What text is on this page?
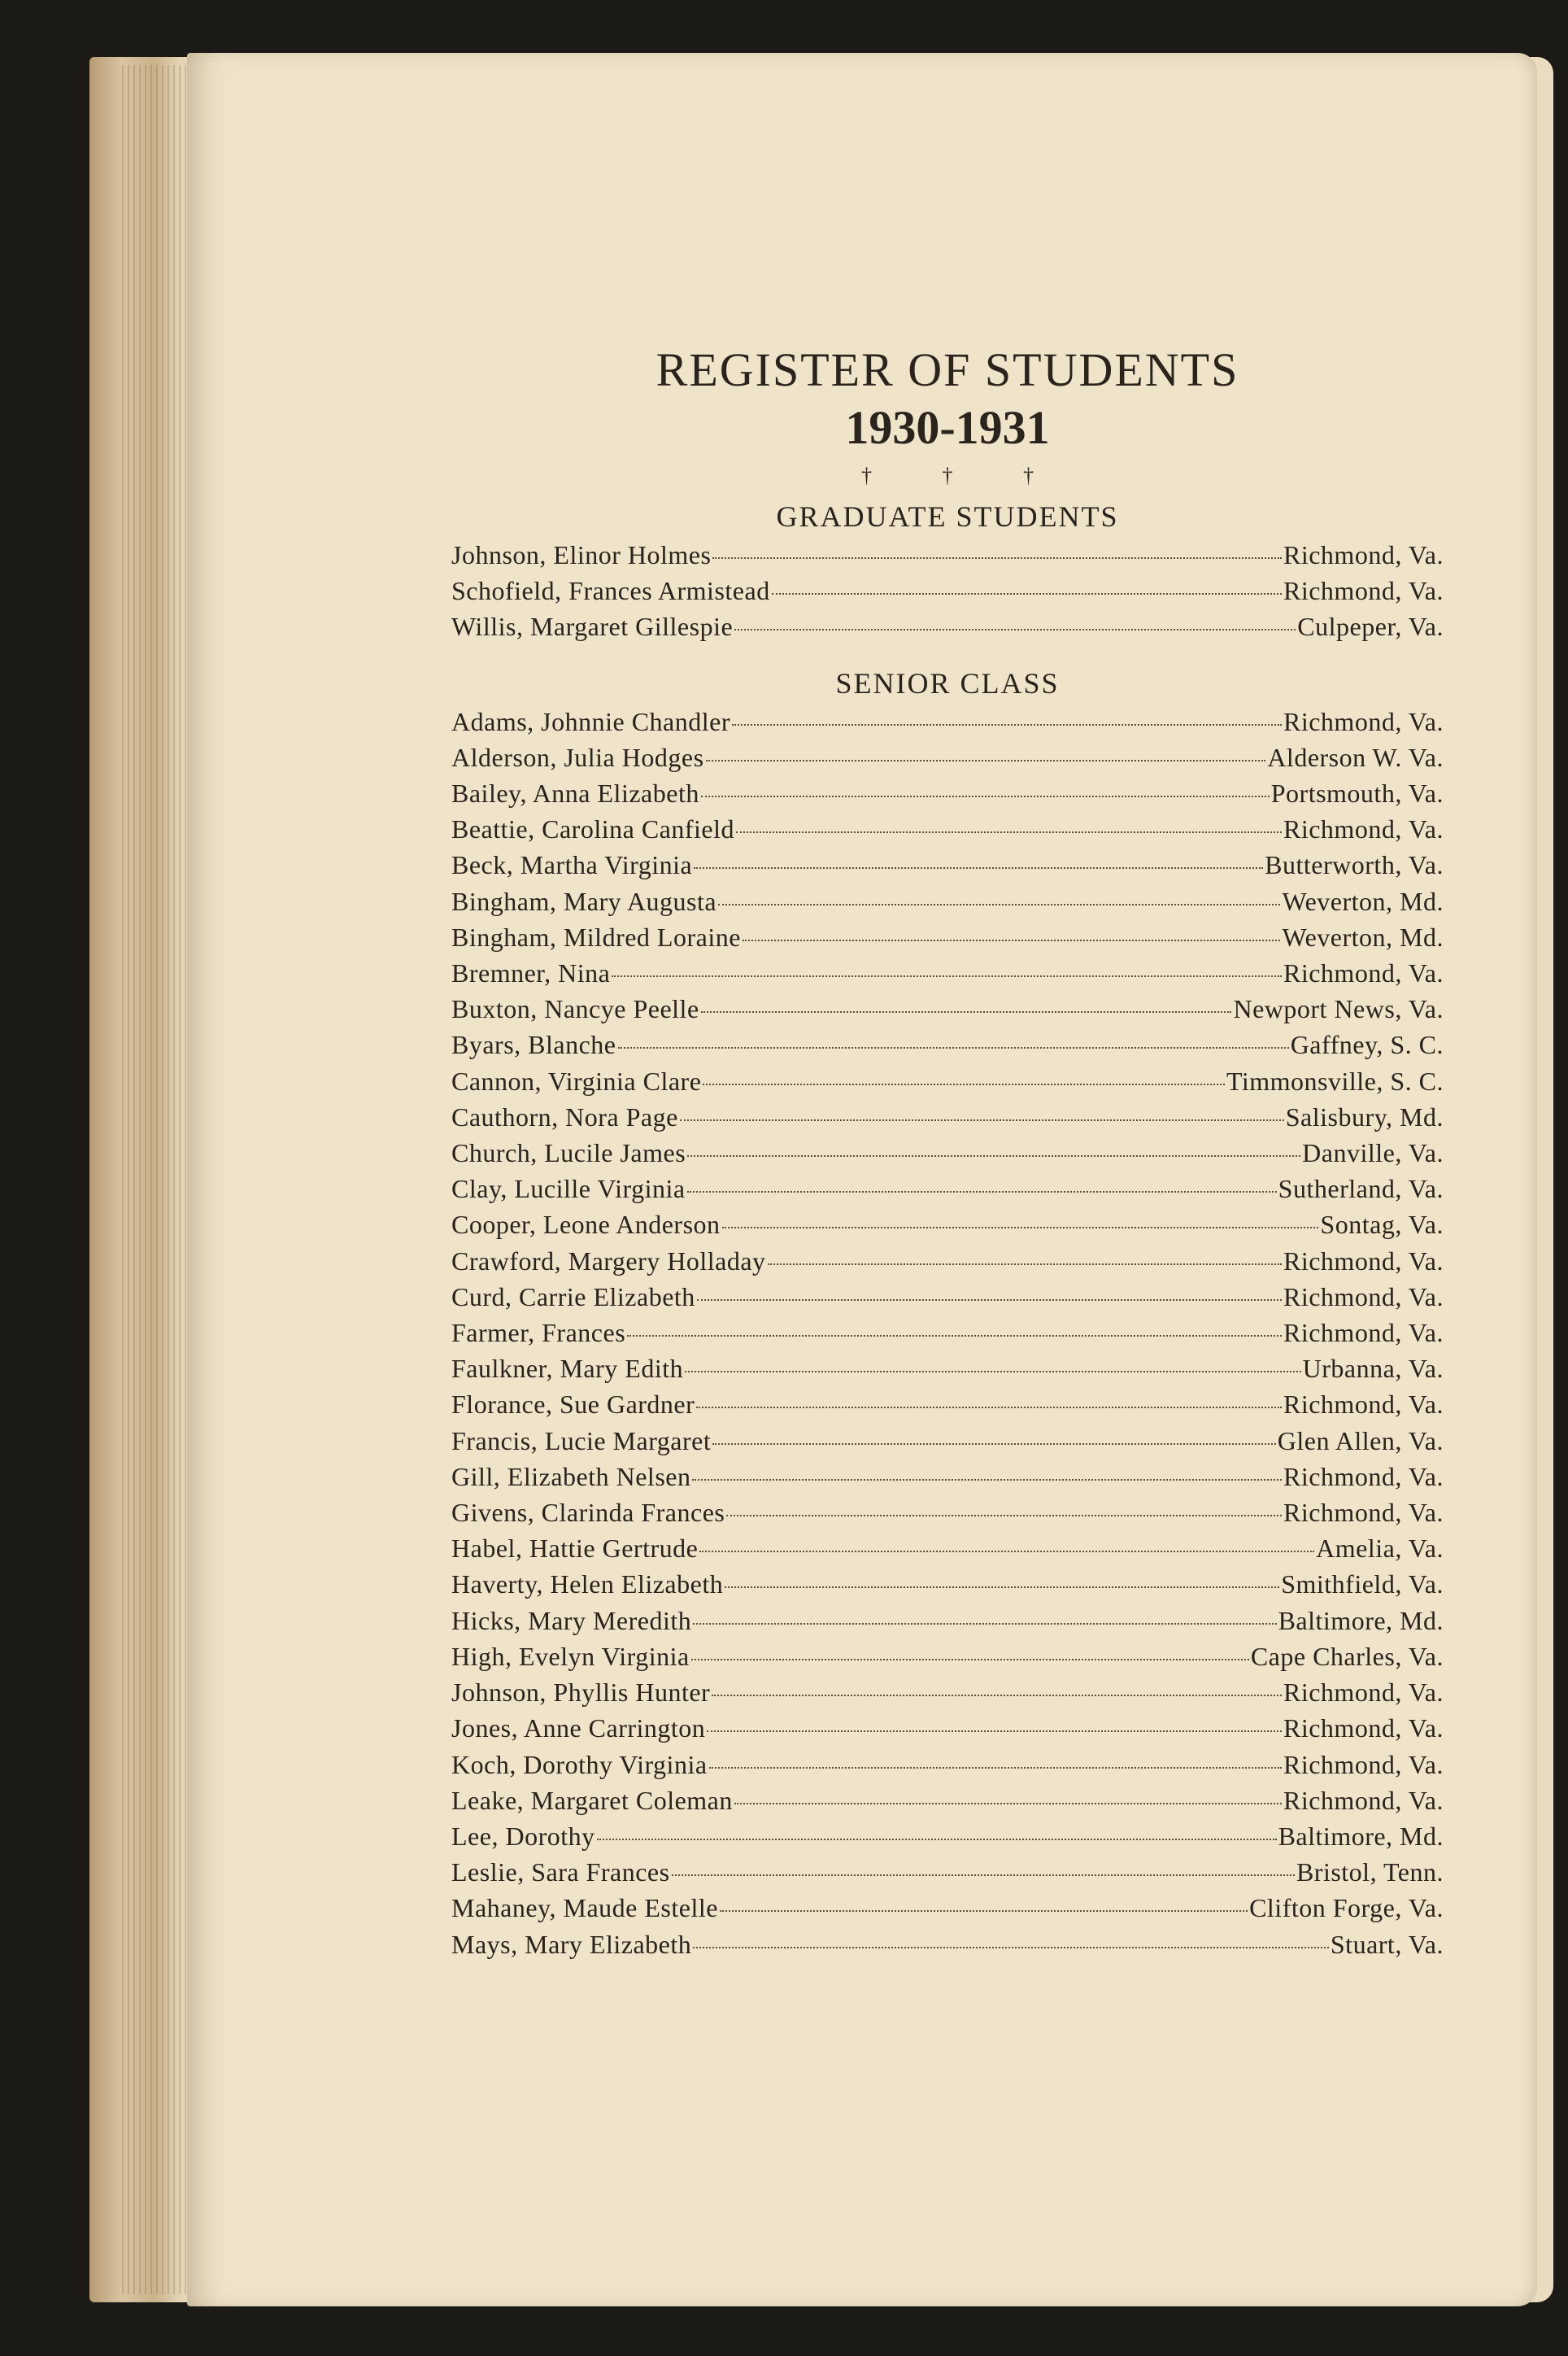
REGISTER OF STUDENTS
1930-1931
† † †
GRADUATE STUDENTS
Johnson, Elinor Holmes	Richmond, Va.
Schofield, Frances Armistead	Richmond, Va.
Willis, Margaret Gillespie	Culpeper, Va.
SENIOR CLASS
Adams, Johnnie Chandler	Richmond, Va.
Alderson, Julia Hodges	Alderson W. Va.
Bailey, Anna Elizabeth	Portsmouth, Va.
Beattie, Carolina Canfield	Richmond, Va.
Beck, Martha Virginia	Butterworth, Va.
Bingham, Mary Augusta	Weverton, Md.
Bingham, Mildred Loraine	Weverton, Md.
Bremner, Nina	Richmond, Va.
Buxton, Nancye Peelle	Newport News, Va.
Byars, Blanche	Gaffney, S. C.
Cannon, Virginia Clare	Timmonsville, S. C.
Cauthorn, Nora Page	Salisbury, Md.
Church, Lucile James	Danville, Va.
Clay, Lucille Virginia	Sutherland, Va.
Cooper, Leone Anderson	Sontag, Va.
Crawford, Margery Holladay	Richmond, Va.
Curd, Carrie Elizabeth	Richmond, Va.
Farmer, Frances	Richmond, Va.
Faulkner, Mary Edith	Urbanna, Va.
Florance, Sue Gardner	Richmond, Va.
Francis, Lucie Margaret	Glen Allen, Va.
Gill, Elizabeth Nelsen	Richmond, Va.
Givens, Clarinda Frances	Richmond, Va.
Habel, Hattie Gertrude	Amelia, Va.
Haverty, Helen Elizabeth	Smithfield, Va.
Hicks, Mary Meredith	Baltimore, Md.
High, Evelyn Virginia	Cape Charles, Va.
Johnson, Phyllis Hunter	Richmond, Va.
Jones, Anne Carrington	Richmond, Va.
Koch, Dorothy Virginia	Richmond, Va.
Leake, Margaret Coleman	Richmond, Va.
Lee, Dorothy	Baltimore, Md.
Leslie, Sara Frances	Bristol, Tenn.
Mahaney, Maude Estelle	Clifton Forge, Va.
Mays, Mary Elizabeth	Stuart, Va.
